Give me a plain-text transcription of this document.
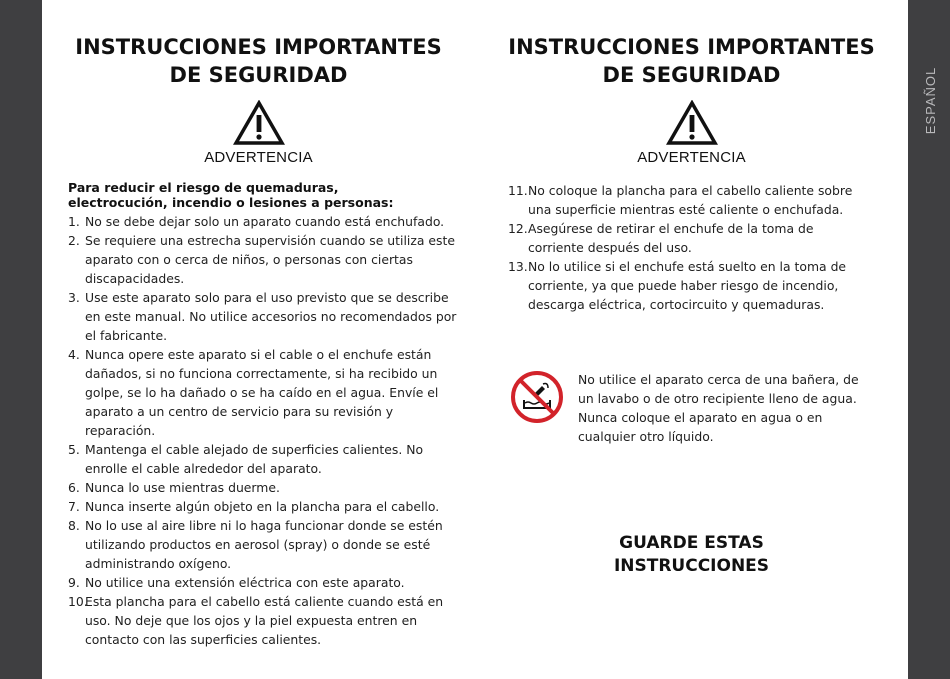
ESPAÑOL
INSTRUCCIONES IMPORTANTES
DE SEGURIDAD
ADVERTENCIA
Para reducir el riesgo de quemaduras, electrocución, incendio o lesiones a personas:
1. No se debe dejar solo un aparato cuando está enchufado.
2. Se requiere una estrecha supervisión cuando se utiliza este aparato con o cerca de niños, o personas con ciertas discapacidades.
3. Use este aparato solo para el uso previsto que se describe en este manual. No utilice accesorios no recomendados por el fabricante.
4. Nunca opere este aparato si el cable o el enchufe están dañados, si no funciona correctamente, si ha recibido un golpe, se lo ha dañado o se ha caído en el agua. Envíe el aparato a un centro de servicio para su revisión y reparación.
5. Mantenga el cable alejado de superficies calientes. No enrolle el cable alrededor del aparato.
6. Nunca lo use mientras duerme.
7. Nunca inserte algún objeto en la plancha para el cabello.
8. No lo use al aire libre ni lo haga funcionar donde se estén utilizando productos en aerosol (spray) o donde se esté administrando oxígeno.
9. No utilice una extensión eléctrica con este aparato.
10.
Esta plancha para el cabello está caliente cuando está en uso. No deje que los ojos y la piel expuesta entren en contacto con las superficies calientes.
INSTRUCCIONES IMPORTANTES
DE SEGURIDAD
ADVERTENCIA
11. No coloque la plancha para el cabello caliente sobre una superficie mientras esté caliente o enchufada.
12. Asegúrese de retirar el enchufe de la toma de corriente después del uso.
13. No lo utilice si el enchufe está suelto en la toma de corriente, ya que puede haber riesgo de incendio, descarga eléctrica, cortocircuito y quemaduras.
No utilice el aparato cerca de una bañera, de un lavabo o de otro recipiente lleno de agua. Nunca coloque el aparato en agua o en cualquier otro líquido.
GUARDE ESTAS
INSTRUCCIONES
